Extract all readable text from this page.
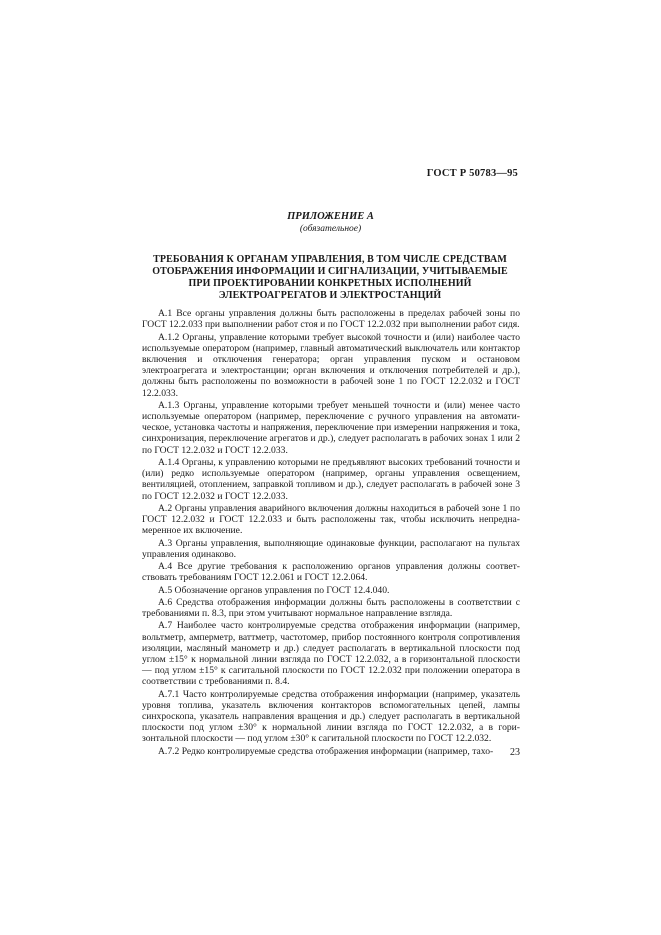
ГОСТ Р 50783—95
ПРИЛОЖЕНИЕ А
(обязательное)
ТРЕБОВАНИЯ К ОРГАНАМ УПРАВЛЕНИЯ, В ТОМ ЧИСЛЕ СРЕДСТВАМ
ОТОБРАЖЕНИЯ ИНФОРМАЦИИ И СИГНАЛИЗАЦИИ, УЧИТЫВАЕМЫЕ
ПРИ ПРОЕКТИРОВАНИИ КОНКРЕТНЫХ ИСПОЛНЕНИЙ
ЭЛЕКТРОАГРЕГАТОВ И ЭЛЕКТРОСТАНЦИЙ

А.1 Все органы управления должны быть расположены в пределах рабочей зоны по ГОСТ 12.2.033 при выполнении работ стоя и по ГОСТ 12.2.032 при выполнении работ сидя.

А.1.2 Органы, управление которыми требует высокой точности и (или) наиболее часто используемые оператором (например, главный автоматический выключатель или контактор включения и отключения генератора; орган управления пуском и остановом электроагрегата и электростанции; орган включения и отключения потребителей и др.), должны быть расположены по возможности в рабочей зоне 1 по ГОСТ 12.2.032 и ГОСТ 12.2.033.

А.1.3 Органы, управление которыми требует меньшей точности и (или) менее часто используемые оператором (например, переключение с ручного управления на автоматическое, установка частоты и напряжения, переключение при измерении напряжения и тока, синхронизация, переключение агрегатов и др.), следует располагать в рабочих зонах 1 или 2 по ГОСТ 12.2.032 и ГОСТ 12.2.033.

А.1.4 Органы, к управлению которыми не предъявляют высоких требований точности и (или) редко используемые оператором (например, органы управления освещением, вентиляцией, отоплением, заправкой топливом и др.), следует располагать в рабочей зоне 3 по ГОСТ 12.2.032 и ГОСТ 12.2.033.

А.2 Органы управления аварийного включения должны находиться в рабочей зоне 1 по ГОСТ 12.2.032 и ГОСТ 12.2.033 и быть расположены так, чтобы исключить непреднамеренное их включение.

А.3 Органы управления, выполняющие одинаковые функции, располагают на пультах управления одинаково.

А.4 Все другие требования к расположению органов управления должны соответствовать требованиям ГОСТ 12.2.061 и ГОСТ 12.2.064.

А.5 Обозначение органов управления по ГОСТ 12.4.040.

А.6 Средства отображения информации должны быть расположены в соответствии с требованиями п. 8.3, при этом учитывают нормальное направление взгляда.

А.7 Наиболее часто контролируемые средства отображения информации (например, вольтметр, амперметр, ваттметр, частотомер, прибор постоянного контроля сопротивления изоляции, масляный манометр и др.) следует располагать в вертикальной плоскости под углом ±15° к нормальной линии взгляда по ГОСТ 12.2.032, а в горизонтальной плоскости — под углом ±15° к сагитальной плоскости по ГОСТ 12.2.032 при положении оператора в соответствии с требованиями п. 8.4.

А.7.1 Часто контролируемые средства отображения информации (например, указатель уровня топлива, указатель включения контакторов вспомогательных цепей, лампы синхроскопа, указатель направления вращения и др.) следует располагать в вертикальной плоскости под углом ±30° к нормальной линии взгляда по ГОСТ 12.2.032, а в горизонтальной плоскости — под углом ±30° к сагитальной плоскости по ГОСТ 12.2.032.

А.7.2 Редко контролируемые средства отображения информации (например, тахо-	23
